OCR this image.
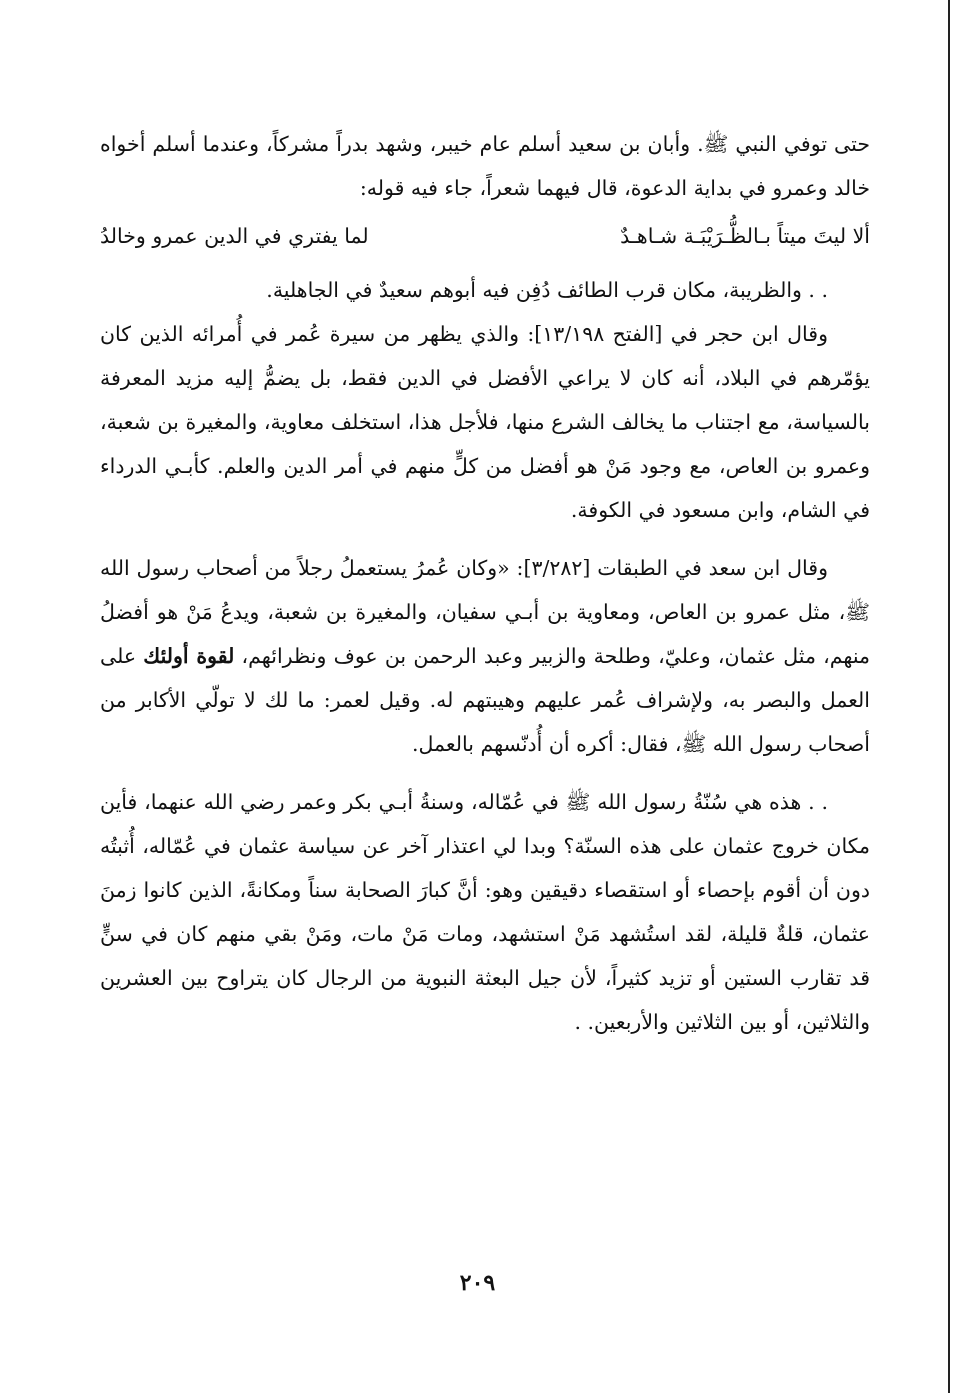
حتى توفي النبي ﷺ. وأبان بن سعيد أسلم عام خيبر، وشهد بدراً مشركاً، وعندما أسلم أخواه خالد وعمرو في بداية الدعوة، قال فيهما شعراً، جاء فيه قوله:

ألا ليتَ ميتاً بـالظُّـرَيْبَـة شـاهـدٌ
لما يفتري في الدين عمرو وخالدُ

. . والظريبة، مكان قرب الطائف دُفِن فيه أبوهم سعيدٌ في الجاهلية.

وقال ابن حجر في [الفتح ١٣/١٩٨]: والذي يظهر من سيرة عُمر في أُمرائه الذين كان يؤمّرهم في البلاد، أنه كان لا يراعي الأفضل في الدين فقط، بل يضمُّ إليه مزيد المعرفة بالسياسة، مع اجتناب ما يخالف الشرع منها، فلأجل هذا، استخلف معاوية، والمغيرة بن شعبة، وعمرو بن العاص، مع وجود مَنْ هو أفضل من كلٍّ منهم في أمر الدين والعلم. كأبـي الدرداء في الشام، وابن مسعود في الكوفة.

وقال ابن سعد في الطبقات [٣/٢٨٢]: «وكان عُمرُ يستعملُ رجلاً من أصحاب رسول الله ﷺ، مثل عمرو بن العاص، ومعاوية بن أبـي سفيان، والمغيرة بن شعبة، ويدعُ مَنْ هو أفضلُ منهم، مثل عثمان، وعليّ، وطلحة والزبير وعبد الرحمن بن عوف ونظرائهم، لقوة أولئك على العمل والبصر به، ولإشراف عُمر عليهم وهيبتهم له. وقيل لعمر: ما لك لا تولّي الأكابر من أصحاب رسول الله ﷺ، فقال: أكره أن أُدنّسهم بالعمل.

. . هذه هي سُنّةُ رسول الله ﷺ في عُمّاله، وسنةُ أبـي بكر وعمر رضي الله عنهما، فأين مكان خروج عثمان على هذه السنّة؟ وبدا لي اعتذار آخر عن سياسة عثمان في عُمّاله، أُثبتُه دون أن أقوم بإحصاء أو استقصاء دقيقين وهو: أنَّ كبارَ الصحابة سناً ومكانةً، الذين كانوا زمنَ عثمان، قلةٌ قليلة، لقد استُشهد مَنْ استشهد، ومات مَنْ مات، ومَنْ بقي منهم كان في سنٍّ قد تقارب الستين أو تزيد كثيراً، لأن جيل البعثة النبوية من الرجال كان يتراوح بين العشرين والثلاثين، أو بين الثلاثين والأربعين. .

٢٠٩
